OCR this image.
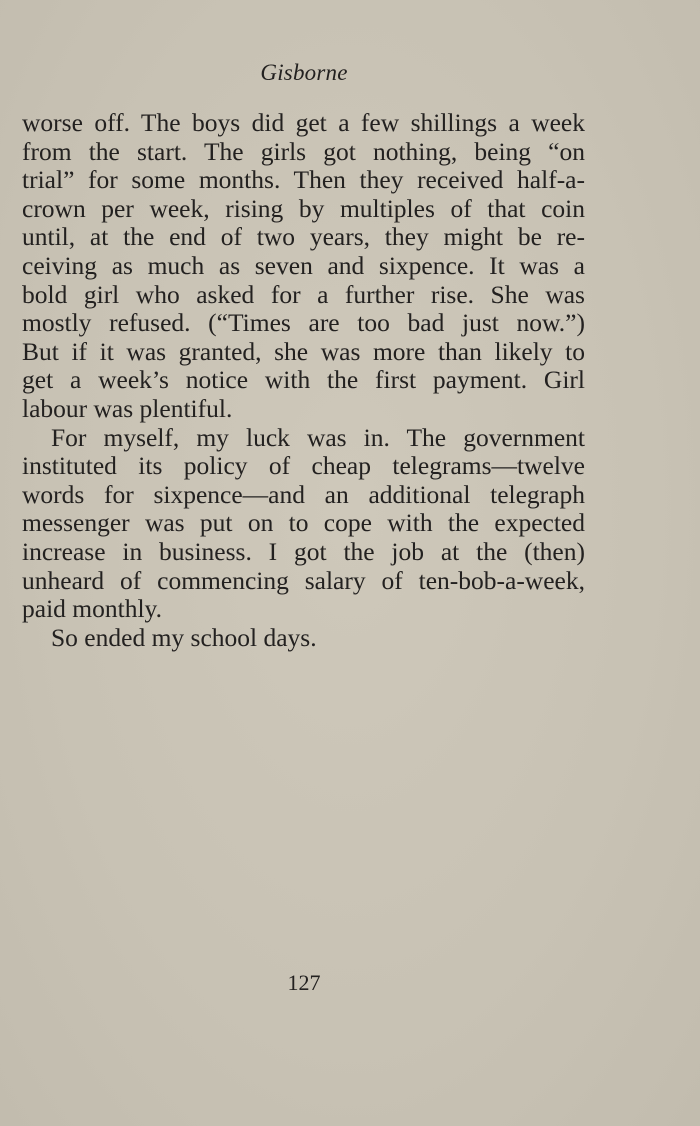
Gisborne
worse off. The boys did get a few shillings a week
from the start. The girls got nothing, being “on
trial” for some months. Then they received half-a-
crown per week, rising by multiples of that coin
until, at the end of two years, they might be re-
ceiving as much as seven and sixpence. It was a
bold girl who asked for a further rise. She was
mostly refused. (“Times are too bad just now.”)
But if it was granted, she was more than likely to
get a week’s notice with the first payment. Girl
labour was plentiful.
For myself, my luck was in. The government
instituted its policy of cheap telegrams—twelve
words for sixpence—and an additional telegraph
messenger was put on to cope with the expected
increase in business. I got the job at the (then)
unheard of commencing salary of ten-bob-a-week,
paid monthly.
So ended my school days.
127
